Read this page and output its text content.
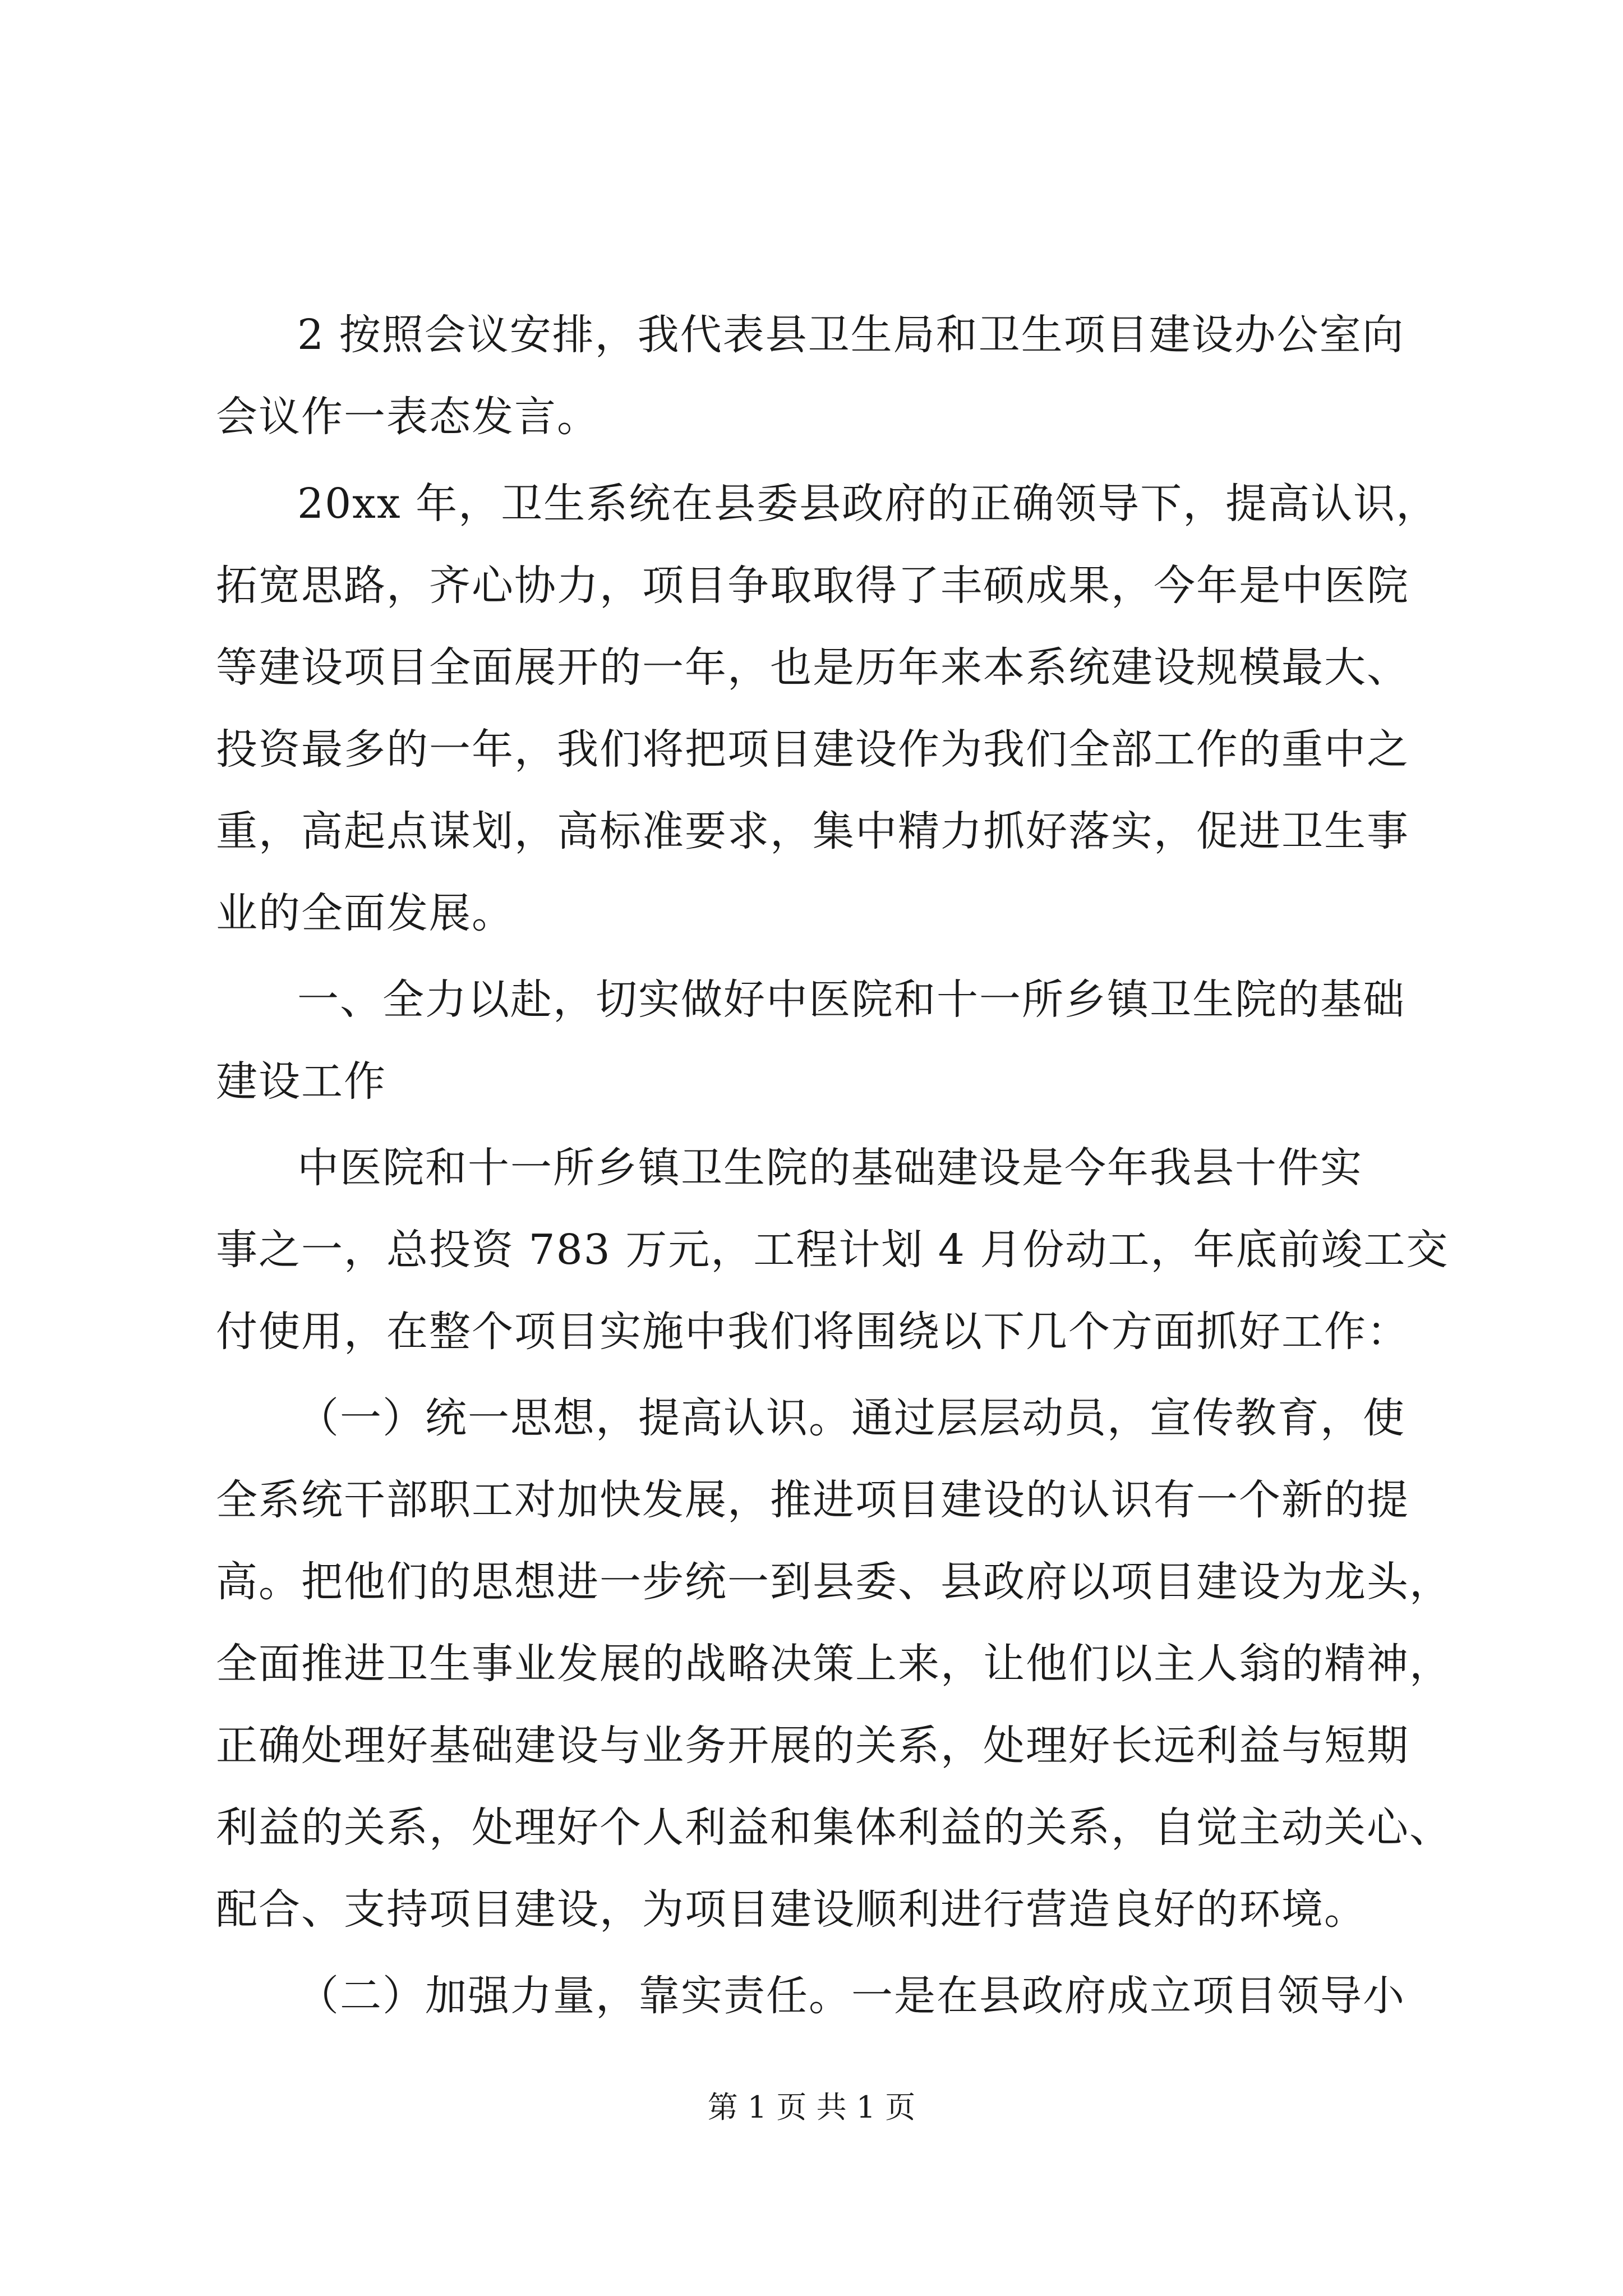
2 按照会议安排，我代表县卫生局和卫生项目建设办公室向
会议作一表态发言。
20xx 年，卫生系统在县委县政府的正确领导下，提高认识，
拓宽思路，齐心协力，项目争取取得了丰硕成果，今年是中医院
等建设项目全面展开的一年，也是历年来本系统建设规模最大、
投资最多的一年，我们将把项目建设作为我们全部工作的重中之
重，高起点谋划，高标准要求，集中精力抓好落实，促进卫生事
业的全面发展。
一、全力以赴，切实做好中医院和十一所乡镇卫生院的基础
建设工作
中医院和十一所乡镇卫生院的基础建设是今年我县十件实
事之一，总投资 783 万元，工程计划 4 月份动工，年底前竣工交
付使用，在整个项目实施中我们将围绕以下几个方面抓好工作：
（一）统一思想，提高认识。通过层层动员，宣传教育，使
全系统干部职工对加快发展，推进项目建设的认识有一个新的提
高。把他们的思想进一步统一到县委、县政府以项目建设为龙头，
全面推进卫生事业发展的战略决策上来，让他们以主人翁的精神，
正确处理好基础建设与业务开展的关系，处理好长远利益与短期
利益的关系，处理好个人利益和集体利益的关系，自觉主动关心、
配合、支持项目建设，为项目建设顺利进行营造良好的环境。
（二）加强力量，靠实责任。一是在县政府成立项目领导小
第 1 页 共 1 页
